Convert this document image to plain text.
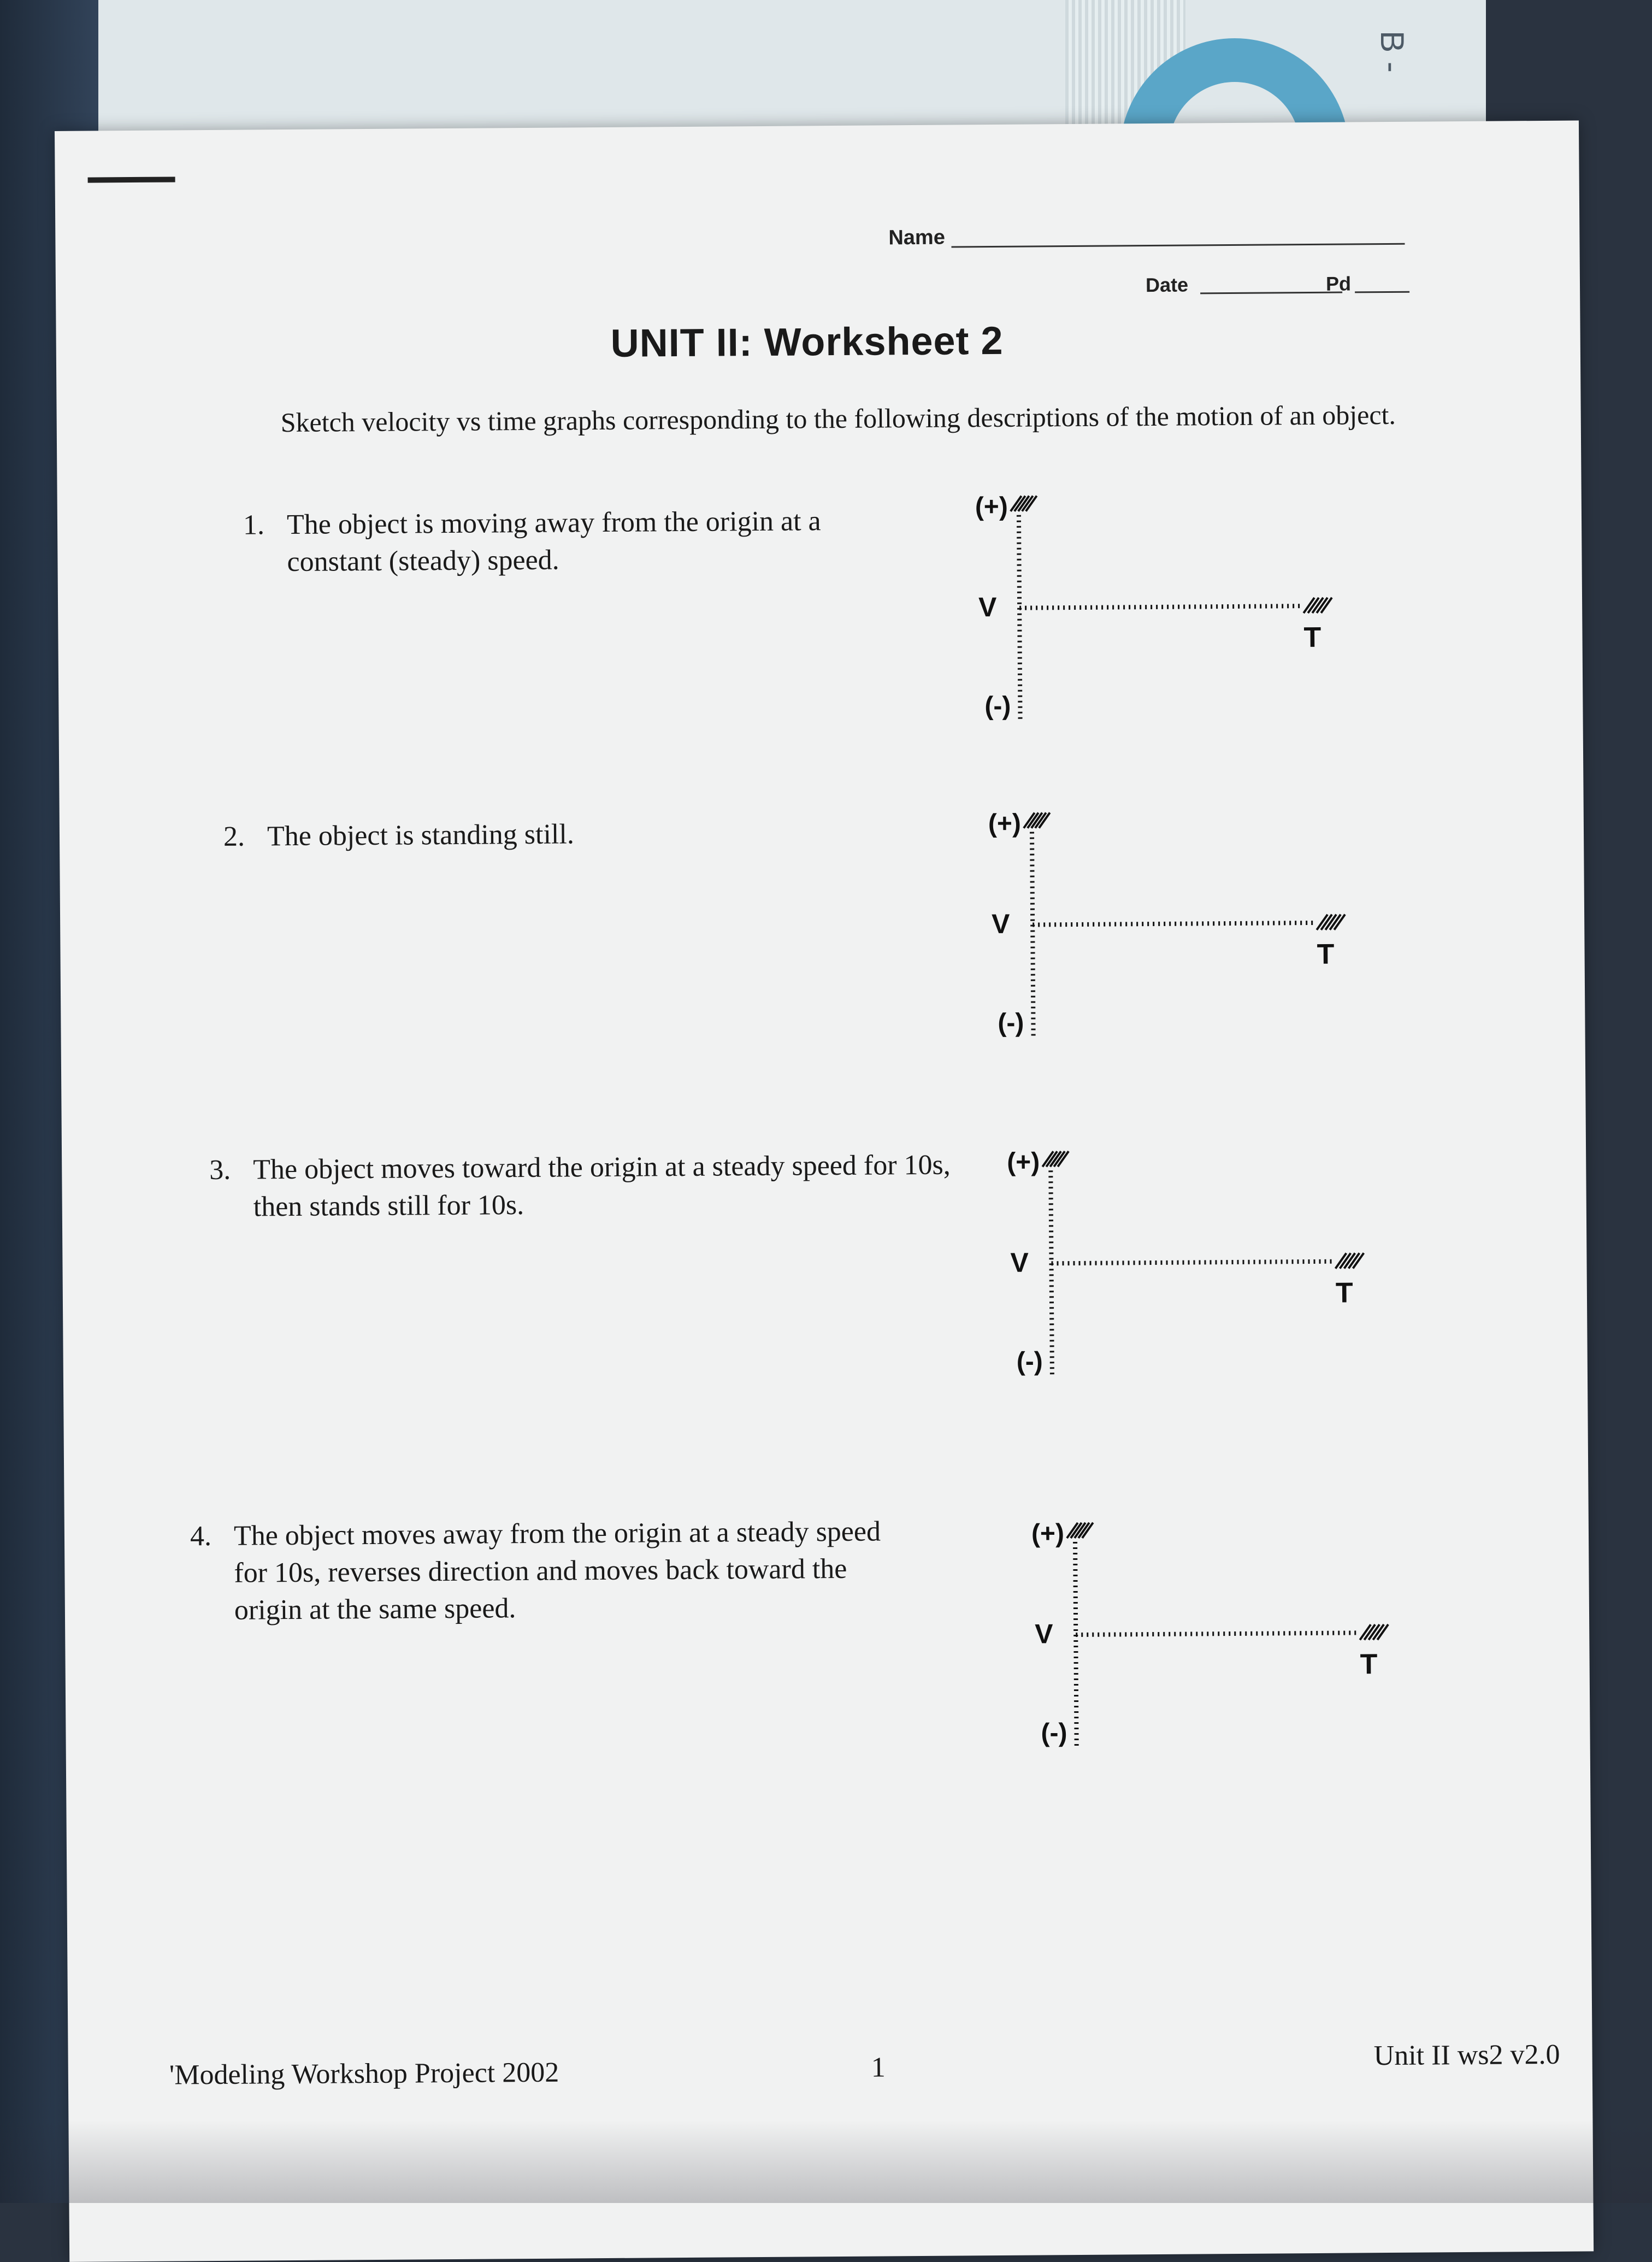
B -
Name
Date	Pd
UNIT II: Worksheet 2
Sketch velocity vs time graphs corresponding to the following descriptions of the motion of an object.
1. The object is moving away from the origin at a constant (steady) speed.
(+)
V
(-)
T
2. The object is standing still.	(+)
V
(-)
T
3. The object moves toward the origin at a steady speed for 10s, then stands still for 10s.
(+)
V
(-)
T
4. The object moves away from the origin at a steady speed for 10s, reverses direction and moves back toward the origin at the same speed.
(+)
V
(-)
T
'Modeling Workshop Project 2002	1	Unit II ws2 v2.0
